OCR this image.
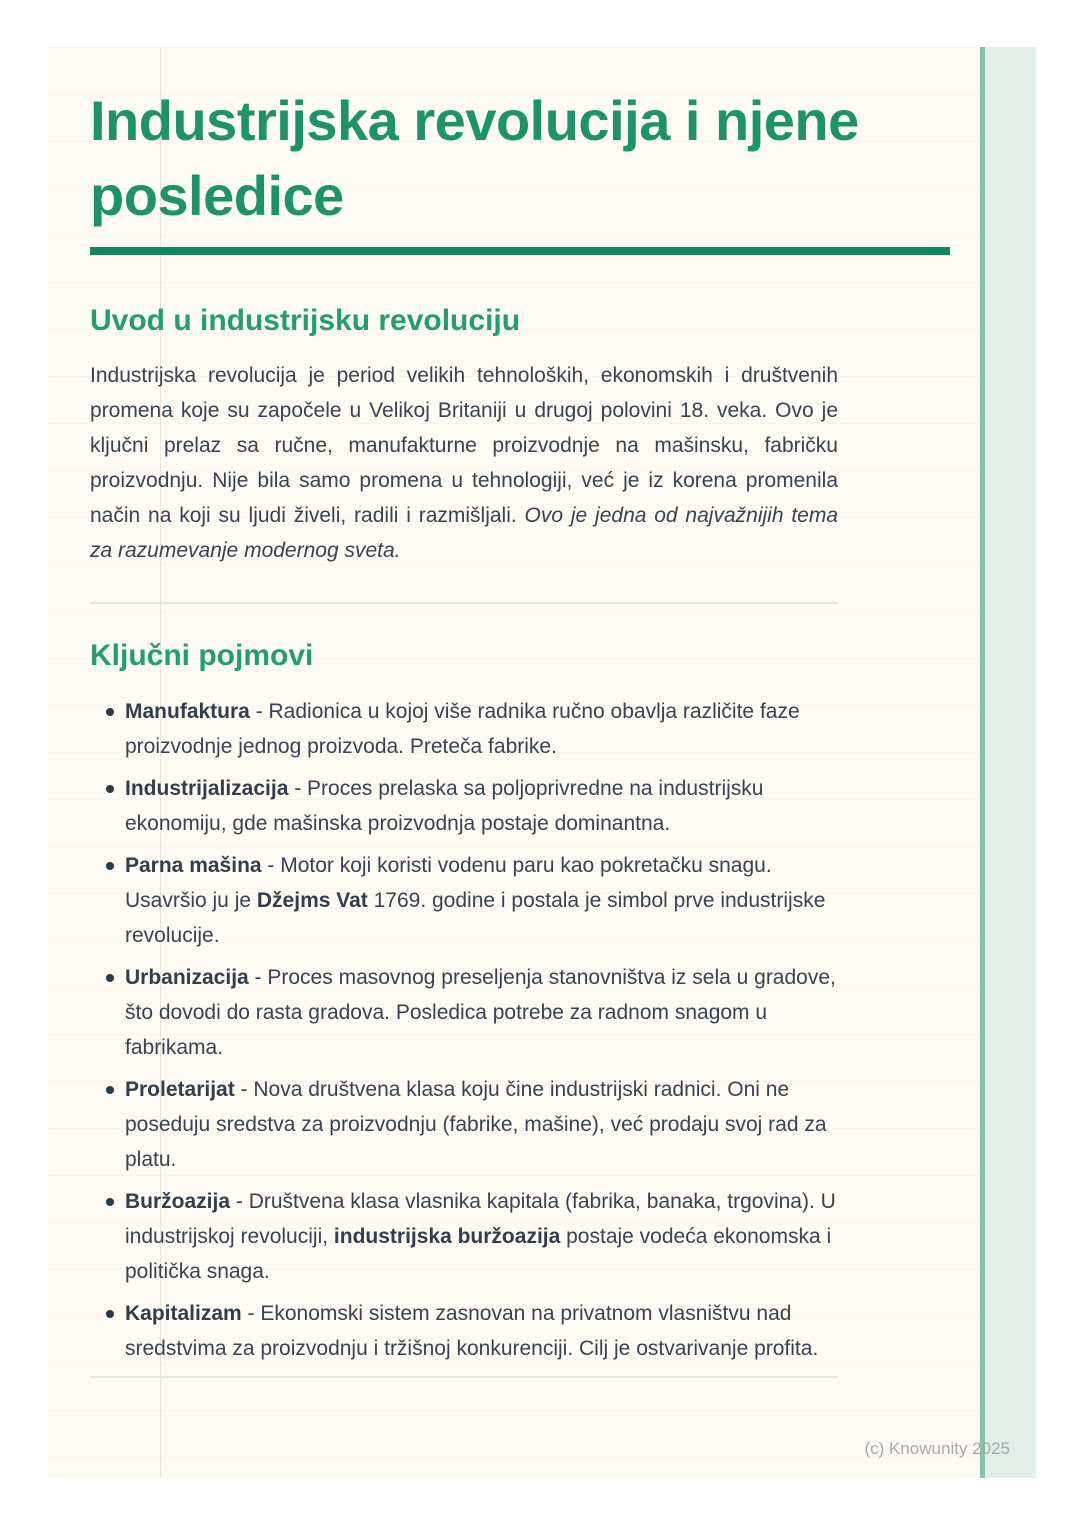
Industrijska revolucija i njene posledice
Uvod u industrijsku revoluciju

Industrijska revolucija je period velikih tehnoloških, ekonomskih i društvenih promena koje su započele u Velikoj Britaniji u drugoj polovini 18. veka. Ovo je ključni prelaz sa ručne, manufakturne proizvodnje na mašinsku, fabričku proizvodnju. Nije bila samo promena u tehnologiji, već je iz korena promenila način na koji su ljudi živeli, radili i razmišljali. Ovo je jedna od najvažnijih tema za razumevanje modernog sveta.

Ključni pojmovi
Manufaktura - Radionica u kojoj više radnika ručno obavlja različite faze proizvodnje jednog proizvoda. Preteča fabrike.
Industrijalizacija - Proces prelaska sa poljoprivredne na industrijsku ekonomiju, gde mašinska proizvodnja postaje dominantna.
Parna mašina - Motor koji koristi vodenu paru kao pokretačku snagu. Usavršio ju je Džejms Vat 1769. godine i postala je simbol prve industrijske revolucije.
Urbanizacija - Proces masovnog preseljenja stanovništva iz sela u gradove, što dovodi do rasta gradova. Posledica potrebe za radnom snagom u fabrikama.
Proletarijat - Nova društvena klasa koju čine industrijski radnici. Oni ne poseduju sredstva za proizvodnju (fabrike, mašine), već prodaju svoj rad za platu.
Buržoazija - Društvena klasa vlasnika kapitala (fabrika, banaka, trgovina). U industrijskoj revoluciji, industrijska buržoazija postaje vodeća ekonomska i politička snaga.
Kapitalizam - Ekonomski sistem zasnovan na privatnom vlasništvu nad sredstvima za proizvodnju i tržišnoj konkurenciji. Cilj je ostvarivanje profita.
(c) Knowunity 2025
